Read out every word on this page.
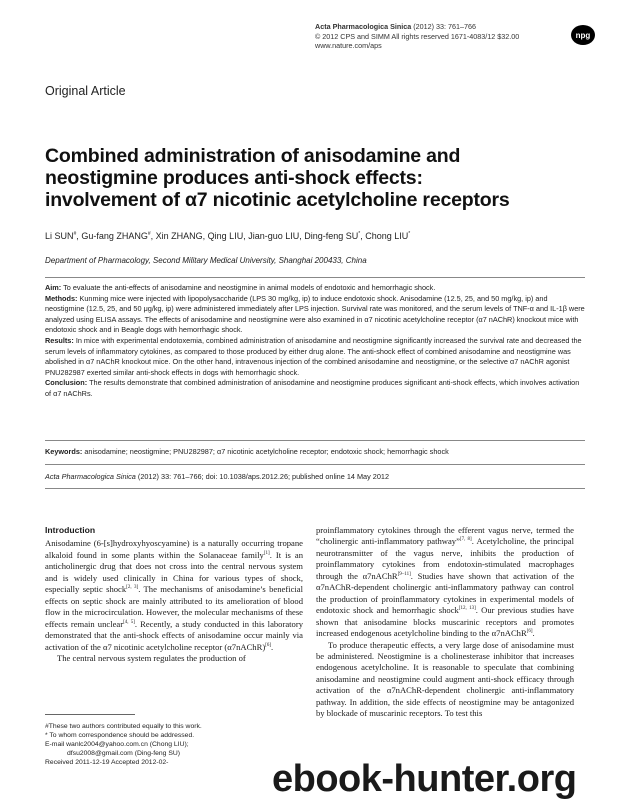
Acta Pharmacologica Sinica (2012) 33: 761–766
© 2012 CPS and SIMM All rights reserved 1671-4083/12 $32.00
www.nature.com/aps
npg
Original Article
Combined administration of anisodamine and
neostigmine produces anti-shock effects:
involvement of α7 nicotinic acetylcholine receptors
Li SUN#, Gu-fang ZHANG#, Xin ZHANG, Qing LIU, Jian-guo LIU, Ding-feng SU*, Chong LIU*
Department of Pharmacology, Second Military Medical University, Shanghai 200433, China

Aim: To evaluate the anti-effects of anisodamine and neostigmine in animal models of endotoxic and hemorrhagic shock.

Methods: Kunming mice were injected with lipopolysaccharide (LPS 30 mg/kg, ip) to induce endotoxic shock. Anisodamine (12.5, 25, and 50 mg/kg, ip) and neostigmine (12.5, 25, and 50 μg/kg, ip) were administered immediately after LPS injection. Survival rate was monitored, and the serum levels of TNF-α and IL-1β were analyzed using ELISA assays. The effects of anisodamine and neostigmine were also examined in α7 nicotinic acetylcholine receptor (α7 nAChR) knockout mice with endotoxic shock and in Beagle dogs with hemorrhagic shock.

Results: In mice with experimental endotoxemia, combined administration of anisodamine and neostigmine significantly increased the survival rate and decreased the serum levels of inflammatory cytokines, as compared to those produced by either drug alone. The anti-shock effect of combined anisodamine and neostigmine was abolished in α7 nAChR knockout mice. On the other hand, intravenous injection of the combined anisodamine and neostigmine, or the selective α7 nAChR agonist PNU282987 exerted similar anti-shock effects in dogs with hemorrhagic shock.

Conclusion: The results demonstrate that combined administration of anisodamine and neostigmine produces significant anti-shock effects, which involves activation of α7 nAChRs.

Keywords: anisodamine; neostigmine; PNU282987; α7 nicotinic acetylcholine receptor; endotoxic shock; hemorrhagic shock
Acta Pharmacologica Sinica (2012) 33: 761–766; doi: 10.1038/aps.2012.26; published online 14 May 2012
Introduction

Anisodamine (6-[s]hydroxyhyoscyamine) is a naturally occurring tropane alkaloid found in some plants within the Solanaceae family[1]. It is an anticholinergic drug that does not cross into the central nervous system and is widely used clinically in China for various types of shock, especially septic shock[2, 3]. The mechanisms of anisodamine’s beneficial effects on septic shock are mainly attributed to its amelioration of blood flow in the microcirculation. However, the molecular mechanisms of these effects remain unclear[4, 5]. Recently, a study conducted in this laboratory demonstrated that the anti-shock effects of anisodamine occur mainly via activation of the α7 nicotinic acetylcholine receptor (α7nAChR)[6].

The central nervous system regulates the production of

proinflammatory cytokines through the efferent vagus nerve, termed the “cholinergic anti-inflammatory pathway”[7, 8]. Acetylcholine, the principal neurotransmitter of the vagus nerve, inhibits the production of proinflammatory cytokines from endotoxin-stimulated macrophages through the α7nAChR[9–11]. Studies have shown that activation of the α7nAChR-dependent cholinergic anti-inflammatory pathway can control the production of proinflammatory cytokines in experimental models of endotoxic shock and hemorrhagic shock[12, 13]. Our previous studies have shown that anisodamine blocks muscarinic receptors and promotes increased endogenous acetylcholine binding to the α7nAChR[6].

To produce therapeutic effects, a very large dose of anisodamine must be administered. Neostigmine is a cholinesterase inhibitor that increases endogenous acetylcholine. It is reasonable to speculate that combining anisodamine and neostigmine could augment anti-shock efficacy through activation of the α7nAChR-dependent cholinergic anti-inflammatory pathway. In addition, the side effects of neostigmine may be antagonized by blockade of muscarinic receptors. To test this

#These two authors contributed equally to this work.
* To whom correspondence should be addressed.
E-mail wanlc2004@yahoo.com.cn (Chong LIU);
dfsu2008@gmail.com (Ding-feng SU)
Received 2011-12-19 Accepted 2012-02-	ebook-hunter.org
